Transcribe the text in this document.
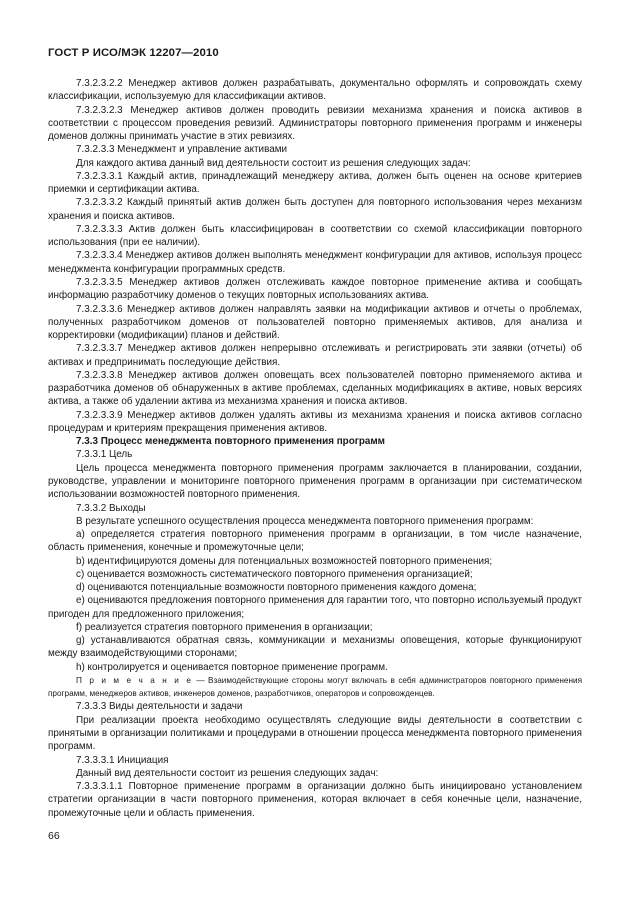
ГОСТ Р ИСО/МЭК 12207—2010

7.3.2.3.2.2 Менеджер активов должен разрабатывать, документально оформлять и сопровождать схему классификации, используемую для классификации активов.

7.3.2.3.2.3 Менеджер активов должен проводить ревизии механизма хранения и поиска активов в соответствии с процессом проведения ревизий. Администраторы повторного применения программ и инженеры доменов должны принимать участие в этих ревизиях.

7.3.2.3.3 Менеджмент и управление активами

Для каждого актива данный вид деятельности состоит из решения следующих задач:

7.3.2.3.3.1 Каждый актив, принадлежащий менеджеру актива, должен быть оценен на основе критериев приемки и сертификации актива.

7.3.2.3.3.2 Каждый принятый актив должен быть доступен для повторного использования через механизм хранения и поиска активов.

7.3.2.3.3.3 Актив должен быть классифицирован в соответствии со схемой классификации повторного использования (при ее наличии).

7.3.2.3.3.4 Менеджер активов должен выполнять менеджмент конфигурации для активов, используя процесс менеджмента конфигурации программных средств.

7.3.2.3.3.5 Менеджер активов должен отслеживать каждое повторное применение актива и сообщать информацию разработчику доменов о текущих повторных использованиях актива.

7.3.2.3.3.6 Менеджер активов должен направлять заявки на модификации активов и отчеты о проблемах, полученных разработчиком доменов от пользователей повторно применяемых активов, для анализа и корректировки (модификации) планов и действий.

7.3.2.3.3.7 Менеджер активов должен непрерывно отслеживать и регистрировать эти заявки (отчеты) об активах и предпринимать последующие действия.

7.3.2.3.3.8 Менеджер активов должен оповещать всех пользователей повторно применяемого актива и разработчика доменов об обнаруженных в активе проблемах, сделанных модификациях в активе, новых версиях актива, а также об удалении актива из механизма хранения и поиска активов.

7.3.2.3.3.9 Менеджер активов должен удалять активы из механизма хранения и поиска активов согласно процедурам и критериям прекращения применения активов.

7.3.3 Процесс менеджмента повторного применения программ

7.3.3.1 Цель

Цель процесса менеджмента повторного применения программ заключается в планировании, создании, руководстве, управлении и мониторинге повторного применения программ в организации при систематическом использовании возможностей повторного применения.

7.3.3.2 Выходы

В результате успешного осуществления процесса менеджмента повторного применения программ:

a) определяется стратегия повторного применения программ в организации, в том числе назначение, область применения, конечные и промежуточные цели;

b) идентифицируются домены для потенциальных возможностей повторного применения;

c) оценивается возможность систематического повторного применения организацией;

d) оцениваются потенциальные возможности повторного применения каждого домена;

e) оцениваются предложения повторного применения для гарантии того, что повторно используемый продукт пригоден для предложенного приложения;

f) реализуется стратегия повторного применения в организации;

g) устанавливаются обратная связь, коммуникации и механизмы оповещения, которые функционируют между взаимодействующими сторонами;

h) контролируется и оценивается повторное применение программ.

П р и м е ч а н и е — Взаимодействующие стороны могут включать в себя администраторов повторного применения программ, менеджеров активов, инженеров доменов, разработчиков, операторов и сопровожденцев.

7.3.3.3 Виды деятельности и задачи

При реализации проекта необходимо осуществлять следующие виды деятельности в соответствии с принятыми в организации политиками и процедурами в отношении процесса менеджмента повторного применения программ.

7.3.3.3.1 Инициация

Данный вид деятельности состоит из решения следующих задач:

7.3.3.3.1.1 Повторное применение программ в организации должно быть инициировано установлением стратегии организации в части повторного применения, которая включает в себя конечные цели, назначение, промежуточные цели и область применения.

66
